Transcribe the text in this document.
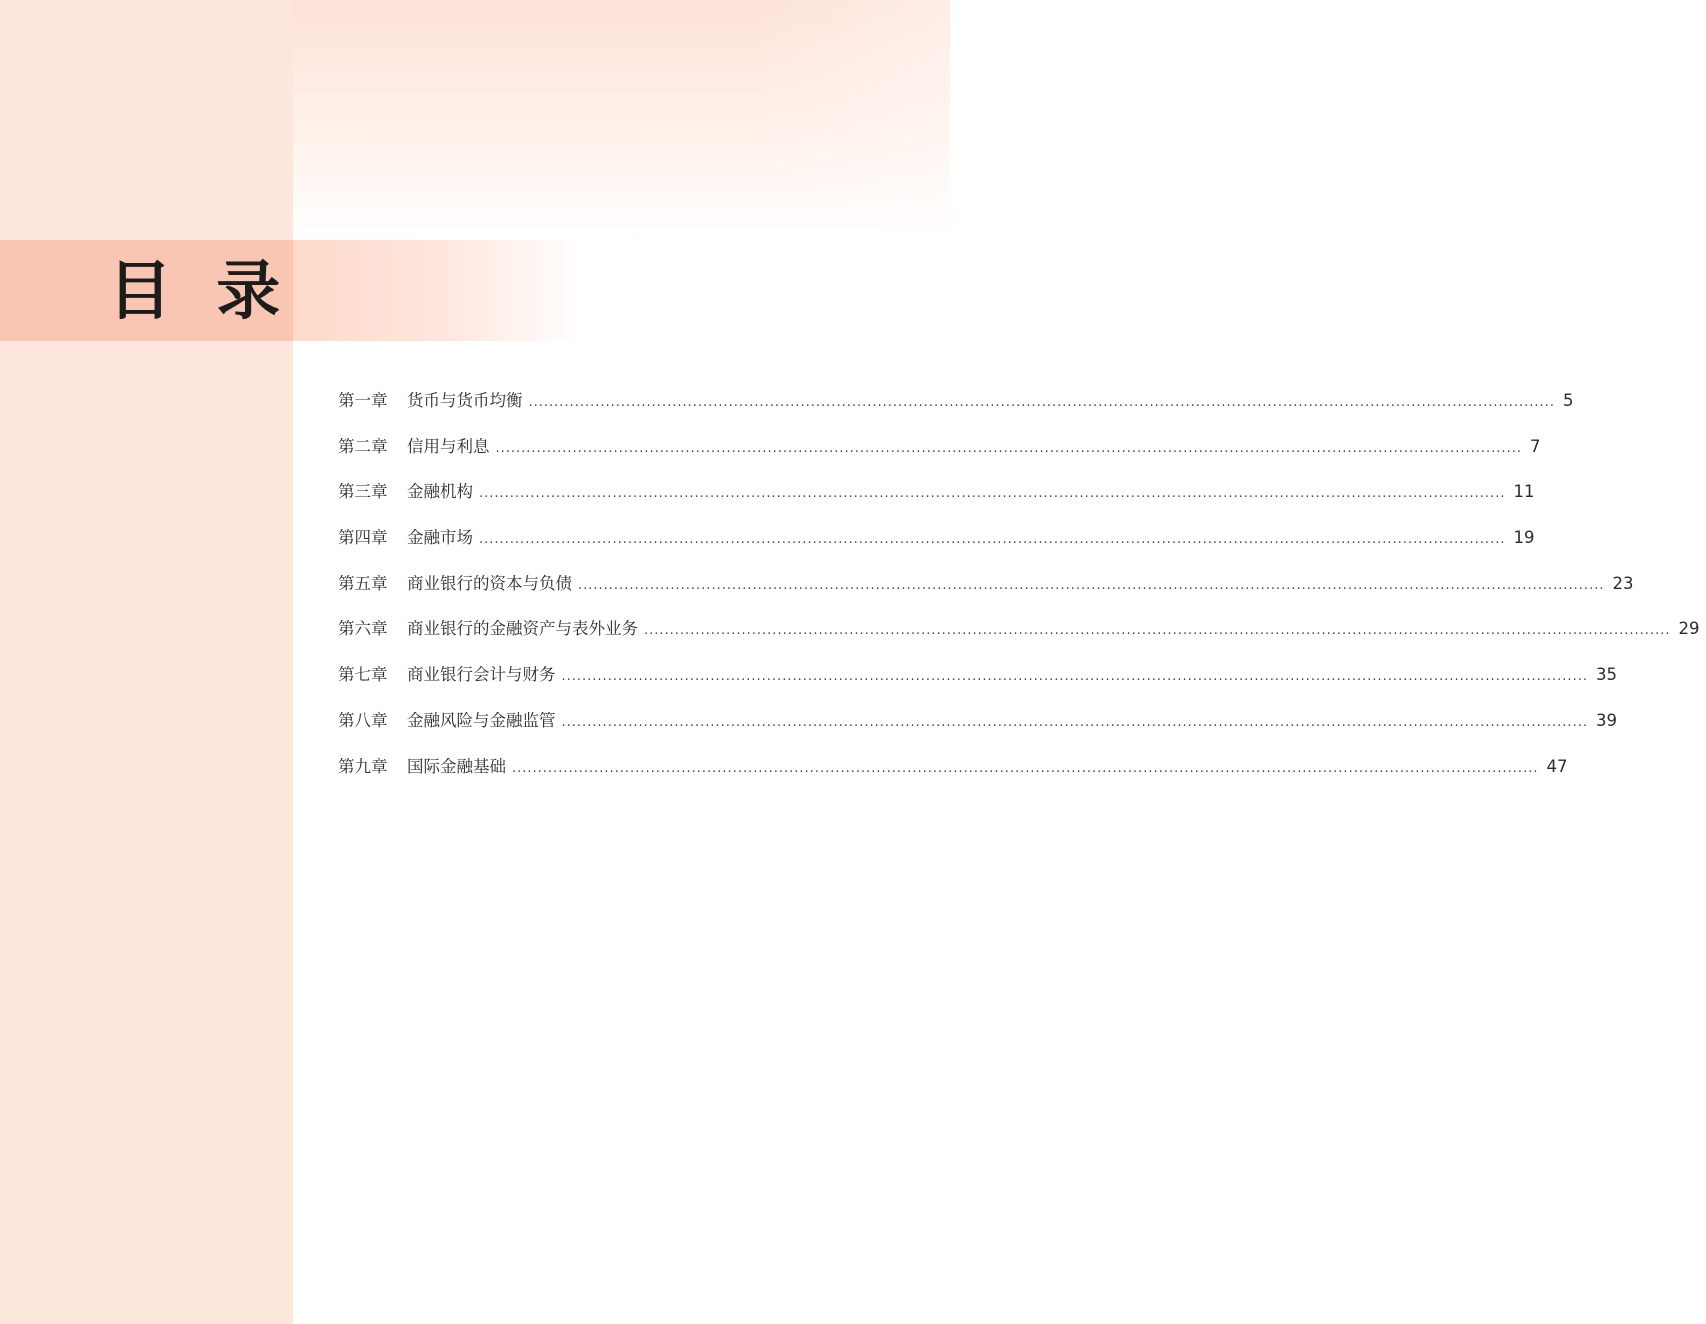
目 录
第一章	货币与货币均衡 ........................................................................................................................................................................................................ 5
第二章	信用与利息 ........................................................................................................................................................................................................ 7
第三章	金融机构 ........................................................................................................................................................................................................ 11
第四章	金融市场 ........................................................................................................................................................................................................ 19
第五章	商业银行的资本与负债 ........................................................................................................................................................................................................ 23
第六章	商业银行的金融资产与表外业务 ........................................................................................................................................................................................................ 29
第七章	商业银行会计与财务 ........................................................................................................................................................................................................ 35
第八章	金融风险与金融监管 ........................................................................................................................................................................................................ 39
第九章	国际金融基础 ........................................................................................................................................................................................................ 47
